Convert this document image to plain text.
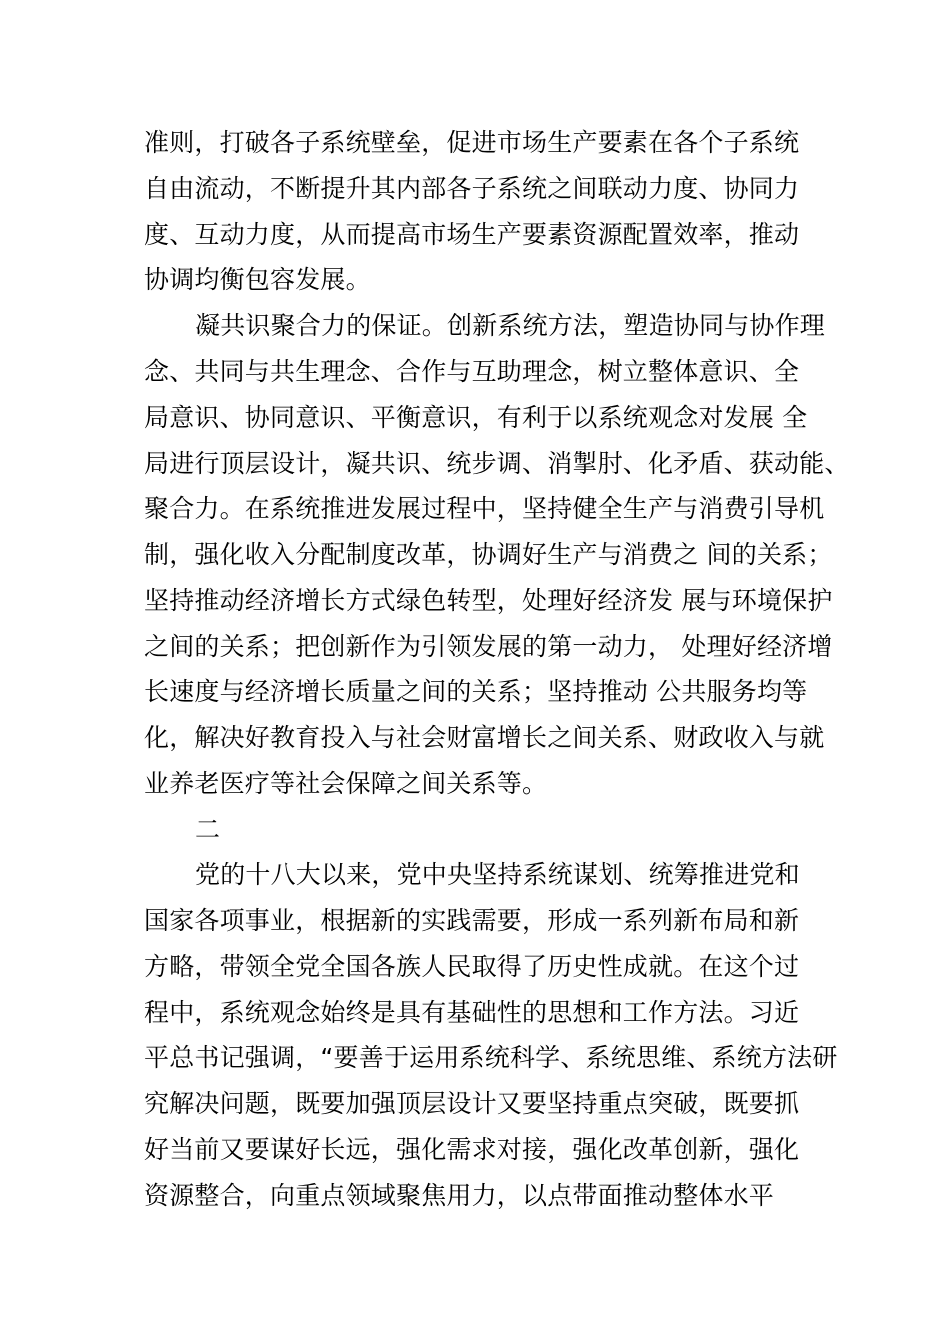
准则，打破各子系统壁垒，促进市场生产要素在各个子系统
自由流动，不断提升其内部各子系统之间联动力度、协同力
度、互动力度，从而提高市场生产要素资源配置效率，推动
协调均衡包容发展。
凝共识聚合力的保证。创新系统方法，塑造协同与协作理
念、共同与共生理念、合作与互助理念，树立整体意识、全
局意识、协同意识、平衡意识，有利于以系统观念对发展 全
局进行顶层设计，凝共识、统步调、消掣肘、化矛盾、获动能、
聚合力。在系统推进发展过程中，坚持健全生产与消费引导机
制，强化收入分配制度改革，协调好生产与消费之 间的关系；
坚持推动经济增长方式绿色转型，处理好经济发 展与环境保护
之间的关系；把创新作为引领发展的第一动力， 处理好经济增
长速度与经济增长质量之间的关系；坚持推动 公共服务均等
化，解决好教育投入与社会财富增长之间关系、财政收入与就
业养老医疗等社会保障之间关系等。
二
党的十八大以来，党中央坚持系统谋划、统筹推进党和
国家各项事业，根据新的实践需要，形成一系列新布局和新
方略，带领全党全国各族人民取得了历史性成就。在这个过
程中，系统观念始终是具有基础性的思想和工作方法。习近
平总书记强调，“要善于运用系统科学、系统思维、系统方法研
究解决问题，既要加强顶层设计又要坚持重点突破，既要抓
好当前又要谋好长远，强化需求对接，强化改革创新，强化
资源整合，向重点领域聚焦用力，以点带面推动整体水平
